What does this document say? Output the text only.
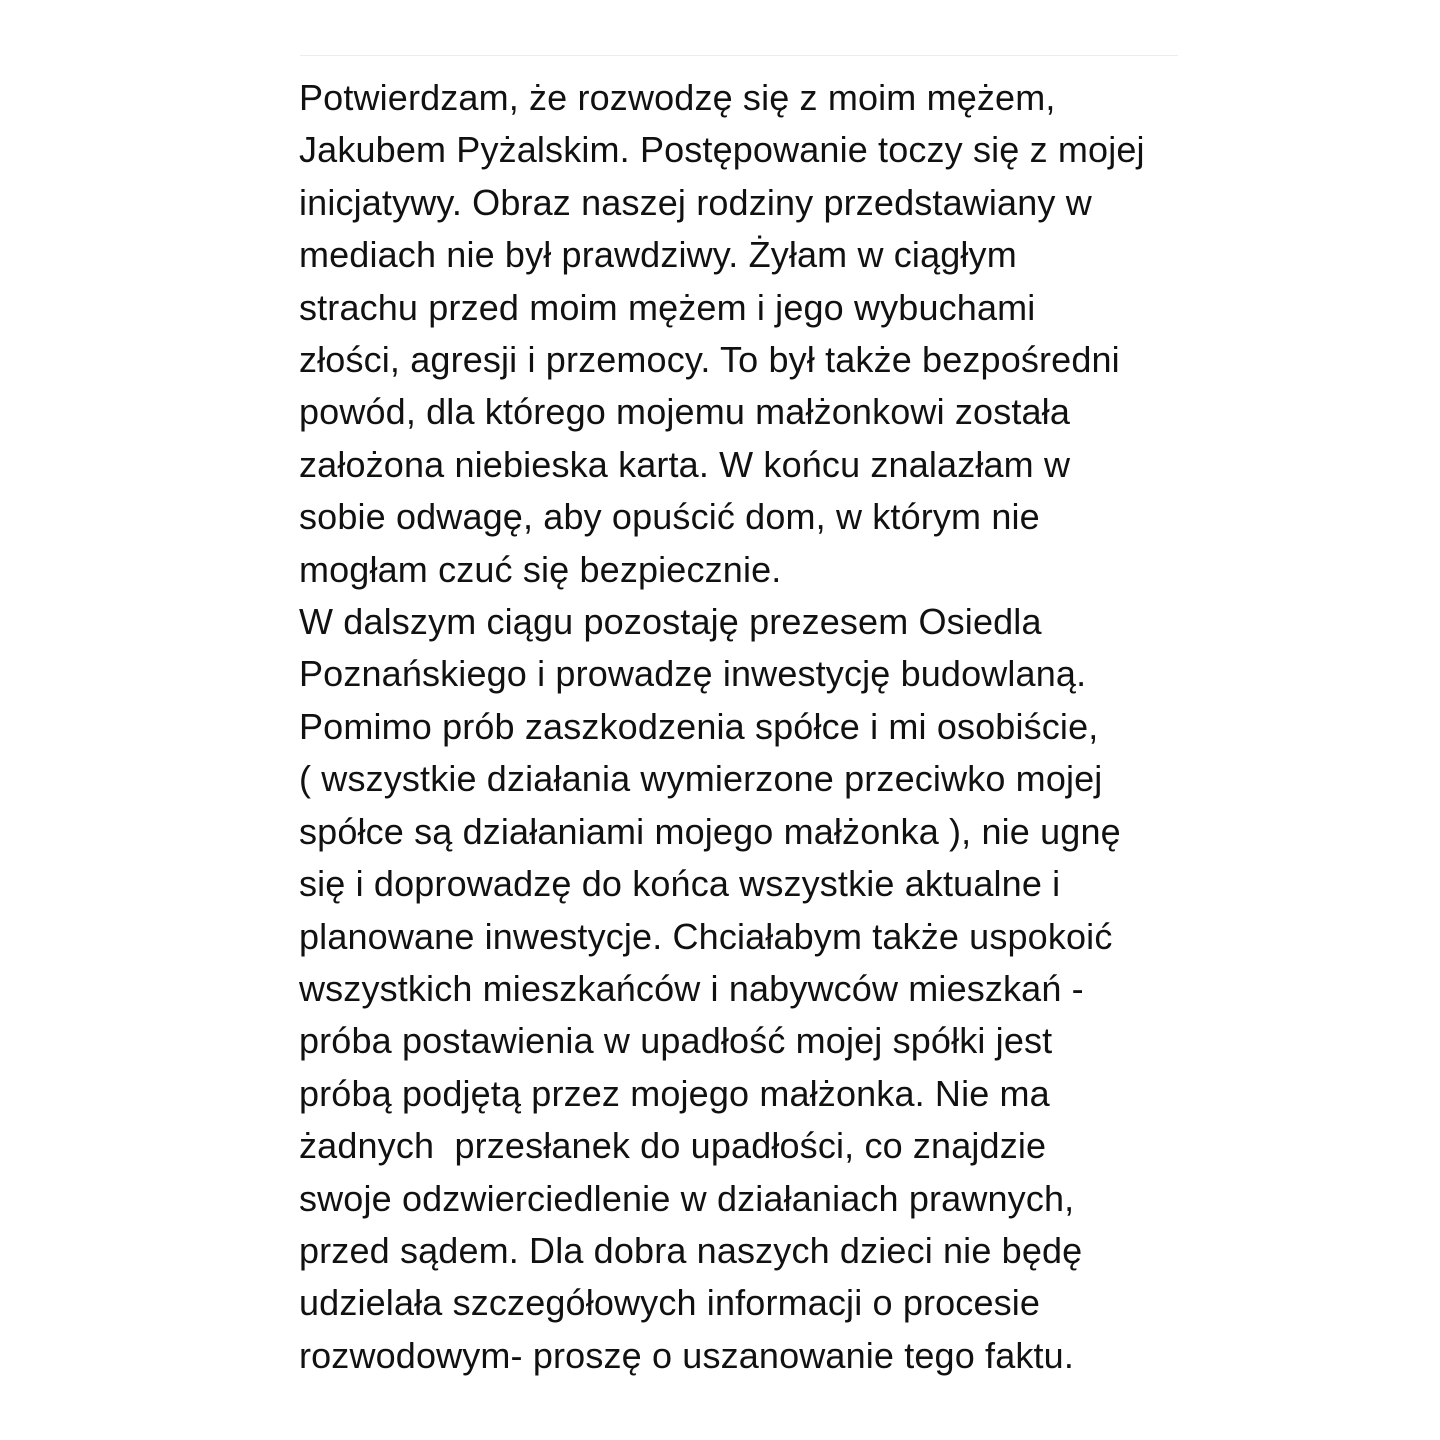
Potwierdzam, że rozwodzę się z moim mężem,
Jakubem Pyżalskim. Postępowanie toczy się z mojej
inicjatywy. Obraz naszej rodziny przedstawiany w
mediach nie był prawdziwy. Żyłam w ciągłym
strachu przed moim mężem i jego wybuchami
złości, agresji i przemocy. To był także bezpośredni
powód, dla którego mojemu małżonkowi została
założona niebieska karta. W końcu znalazłam w
sobie odwagę, aby opuścić dom, w którym nie
mogłam czuć się bezpiecznie.
W dalszym ciągu pozostaję prezesem Osiedla
Poznańskiego i prowadzę inwestycję budowlaną.
Pomimo prób zaszkodzenia spółce i mi osobiście,
( wszystkie działania wymierzone przeciwko mojej
spółce są działaniami mojego małżonka ), nie ugnę
się i doprowadzę do końca wszystkie aktualne i
planowane inwestycje. Chciałabym także uspokoić
wszystkich mieszkańców i nabywców mieszkań -
próba postawienia w upadłość mojej spółki jest
próbą podjętą przez mojego małżonka. Nie ma
żadnych  przesłanek do upadłości, co znajdzie
swoje odzwierciedlenie w działaniach prawnych,
przed sądem. Dla dobra naszych dzieci nie będę
udzielała szczegółowych informacji o procesie
rozwodowym- proszę o uszanowanie tego faktu.
